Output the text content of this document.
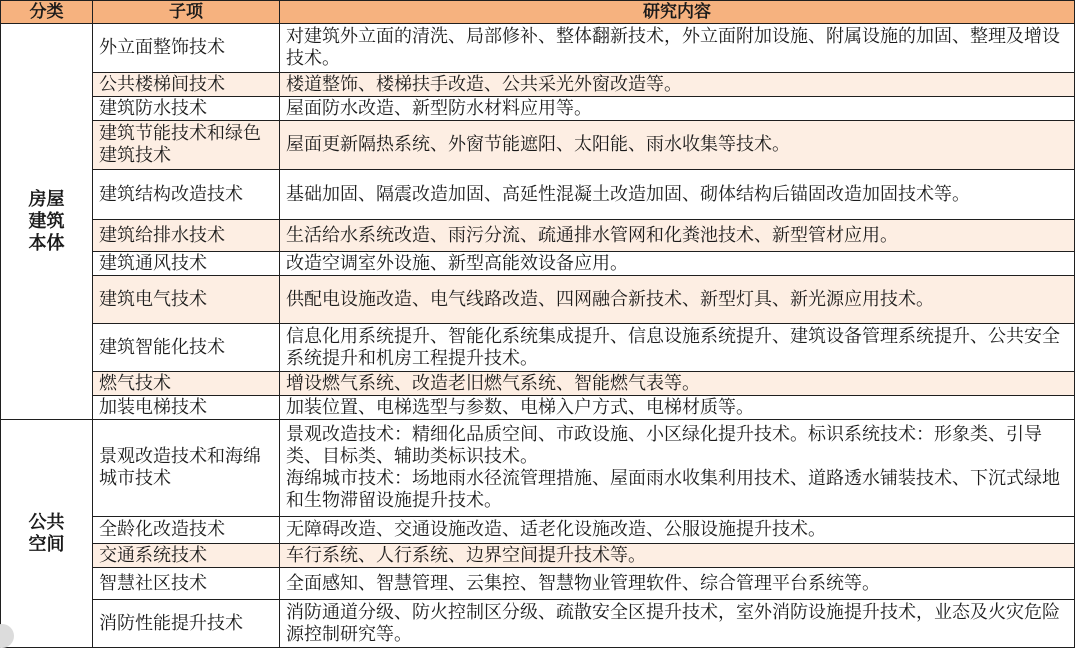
分类	子项	研究内容
房屋
建筑
本体	外立面整饰技术	对建筑外立面的清洗、局部修补、整体翻新技术，外立面附加设施、附属设施的加固、整理及增设技术。
	公共楼梯间技术	楼道整饰、楼梯扶手改造、公共采光外窗改造等。
	建筑防水技术	屋面防水改造、新型防水材料应用等。
	建筑节能技术和绿色建筑技术	屋面更新隔热系统、外窗节能遮阳、太阳能、雨水收集等技术。
	建筑结构改造技术	基础加固、隔震改造加固、高延性混凝土改造加固、砌体结构后锚固改造加固技术等。
	建筑给排水技术	生活给水系统改造、雨污分流、疏通排水管网和化粪池技术、新型管材应用。
	建筑通风技术	改造空调室外设施、新型高能效设备应用。
	建筑电气技术	供配电设施改造、电气线路改造、四网融合新技术、新型灯具、新光源应用技术。
	建筑智能化技术	信息化用系统提升、智能化系统集成提升、信息设施系统提升、建筑设备管理系统提升、公共安全系统提升和机房工程提升技术。
	燃气技术	增设燃气系统、改造老旧燃气系统、智能燃气表等。
	加装电梯技术	加装位置、电梯选型与参数、电梯入户方式、电梯材质等。
公共
空间	景观改造技术和海绵城市技术	景观改造技术：精细化品质空间、市政设施、小区绿化提升技术。标识系统技术：形象类、引导类、目标类、辅助类标识技术。
海绵城市技术：场地雨水径流管理措施、屋面雨水收集利用技术、道路透水铺装技术、下沉式绿地和生物滞留设施提升技术。
	全龄化改造技术	无障碍改造、交通设施改造、适老化设施改造、公服设施提升技术。
	交通系统技术	车行系统、人行系统、边界空间提升技术等。
	智慧社区技术	全面感知、智慧管理、云集控、智慧物业管理软件、综合管理平台系统等。
	消防性能提升技术	消防通道分级、防火控制区分级、疏散安全区提升技术，室外消防设施提升技术，业态及火灾危险源控制研究等。
